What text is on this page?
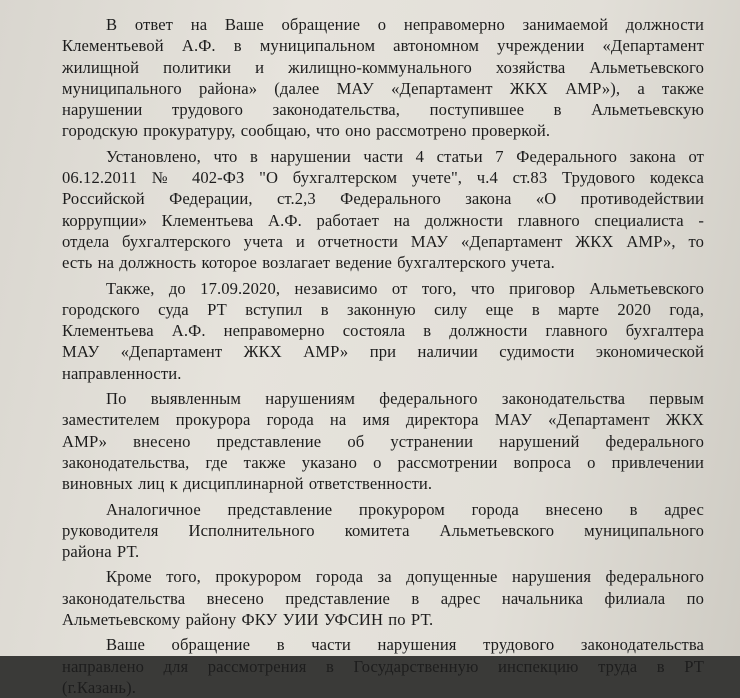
В ответ на Ваше обращение о неправомерно занимаемой должности
Клементьевой А.Ф. в муниципальном автономном учреждении «Департамент
жилищной политики и жилищно-коммунального хозяйства Альметьевского
муниципального района» (далее МАУ «Департамент ЖКХ АМР»), а также
нарушении трудового законодательства, поступившее в Альметьевскую
городскую прокуратуру, сообщаю, что оно рассмотрено проверкой.
Установлено, что в нарушении части 4 статьи 7 Федерального закона от
06.12.2011 № 402-ФЗ "О бухгалтерском учете", ч.4 ст.83 Трудового кодекса
Российской Федерации, ст.2,3 Федерального закона «О противодействии
коррупции» Клементьева А.Ф. работает на должности главного специалиста -
отдела бухгалтерского учета и отчетности МАУ «Департамент ЖКХ АМР», то
есть на должность которое возлагает ведение бухгалтерского учета.
Также, до 17.09.2020, независимо от того, что приговор Альметьевского
городского суда РТ вступил в законную силу еще в марте 2020 года,
Клементьева А.Ф. неправомерно состояла в должности главного бухгалтера
МАУ «Департамент ЖКХ АМР» при наличии судимости экономической
направленности.
По выявленным нарушениям федерального законодательства первым
заместителем прокурора города на имя директора МАУ «Департамент ЖКХ
АМР» внесено представление об устранении нарушений федерального
законодательства, где также указано о рассмотрении вопроса о привлечении
виновных лиц к дисциплинарной ответственности.
Аналогичное представление прокурором города внесено в адрес
руководителя Исполнительного комитета Альметьевского муниципального
района РТ.
Кроме того, прокурором города за допущенные нарушения федерального
законодательства внесено представление в адрес начальника филиала по
Альметьевскому району ФКУ УИИ УФСИН по РТ.
Ваше обращение в части нарушения трудового законодательства
направлено для рассмотрения в Государственную инспекцию труда в РТ
(г.Казань).
